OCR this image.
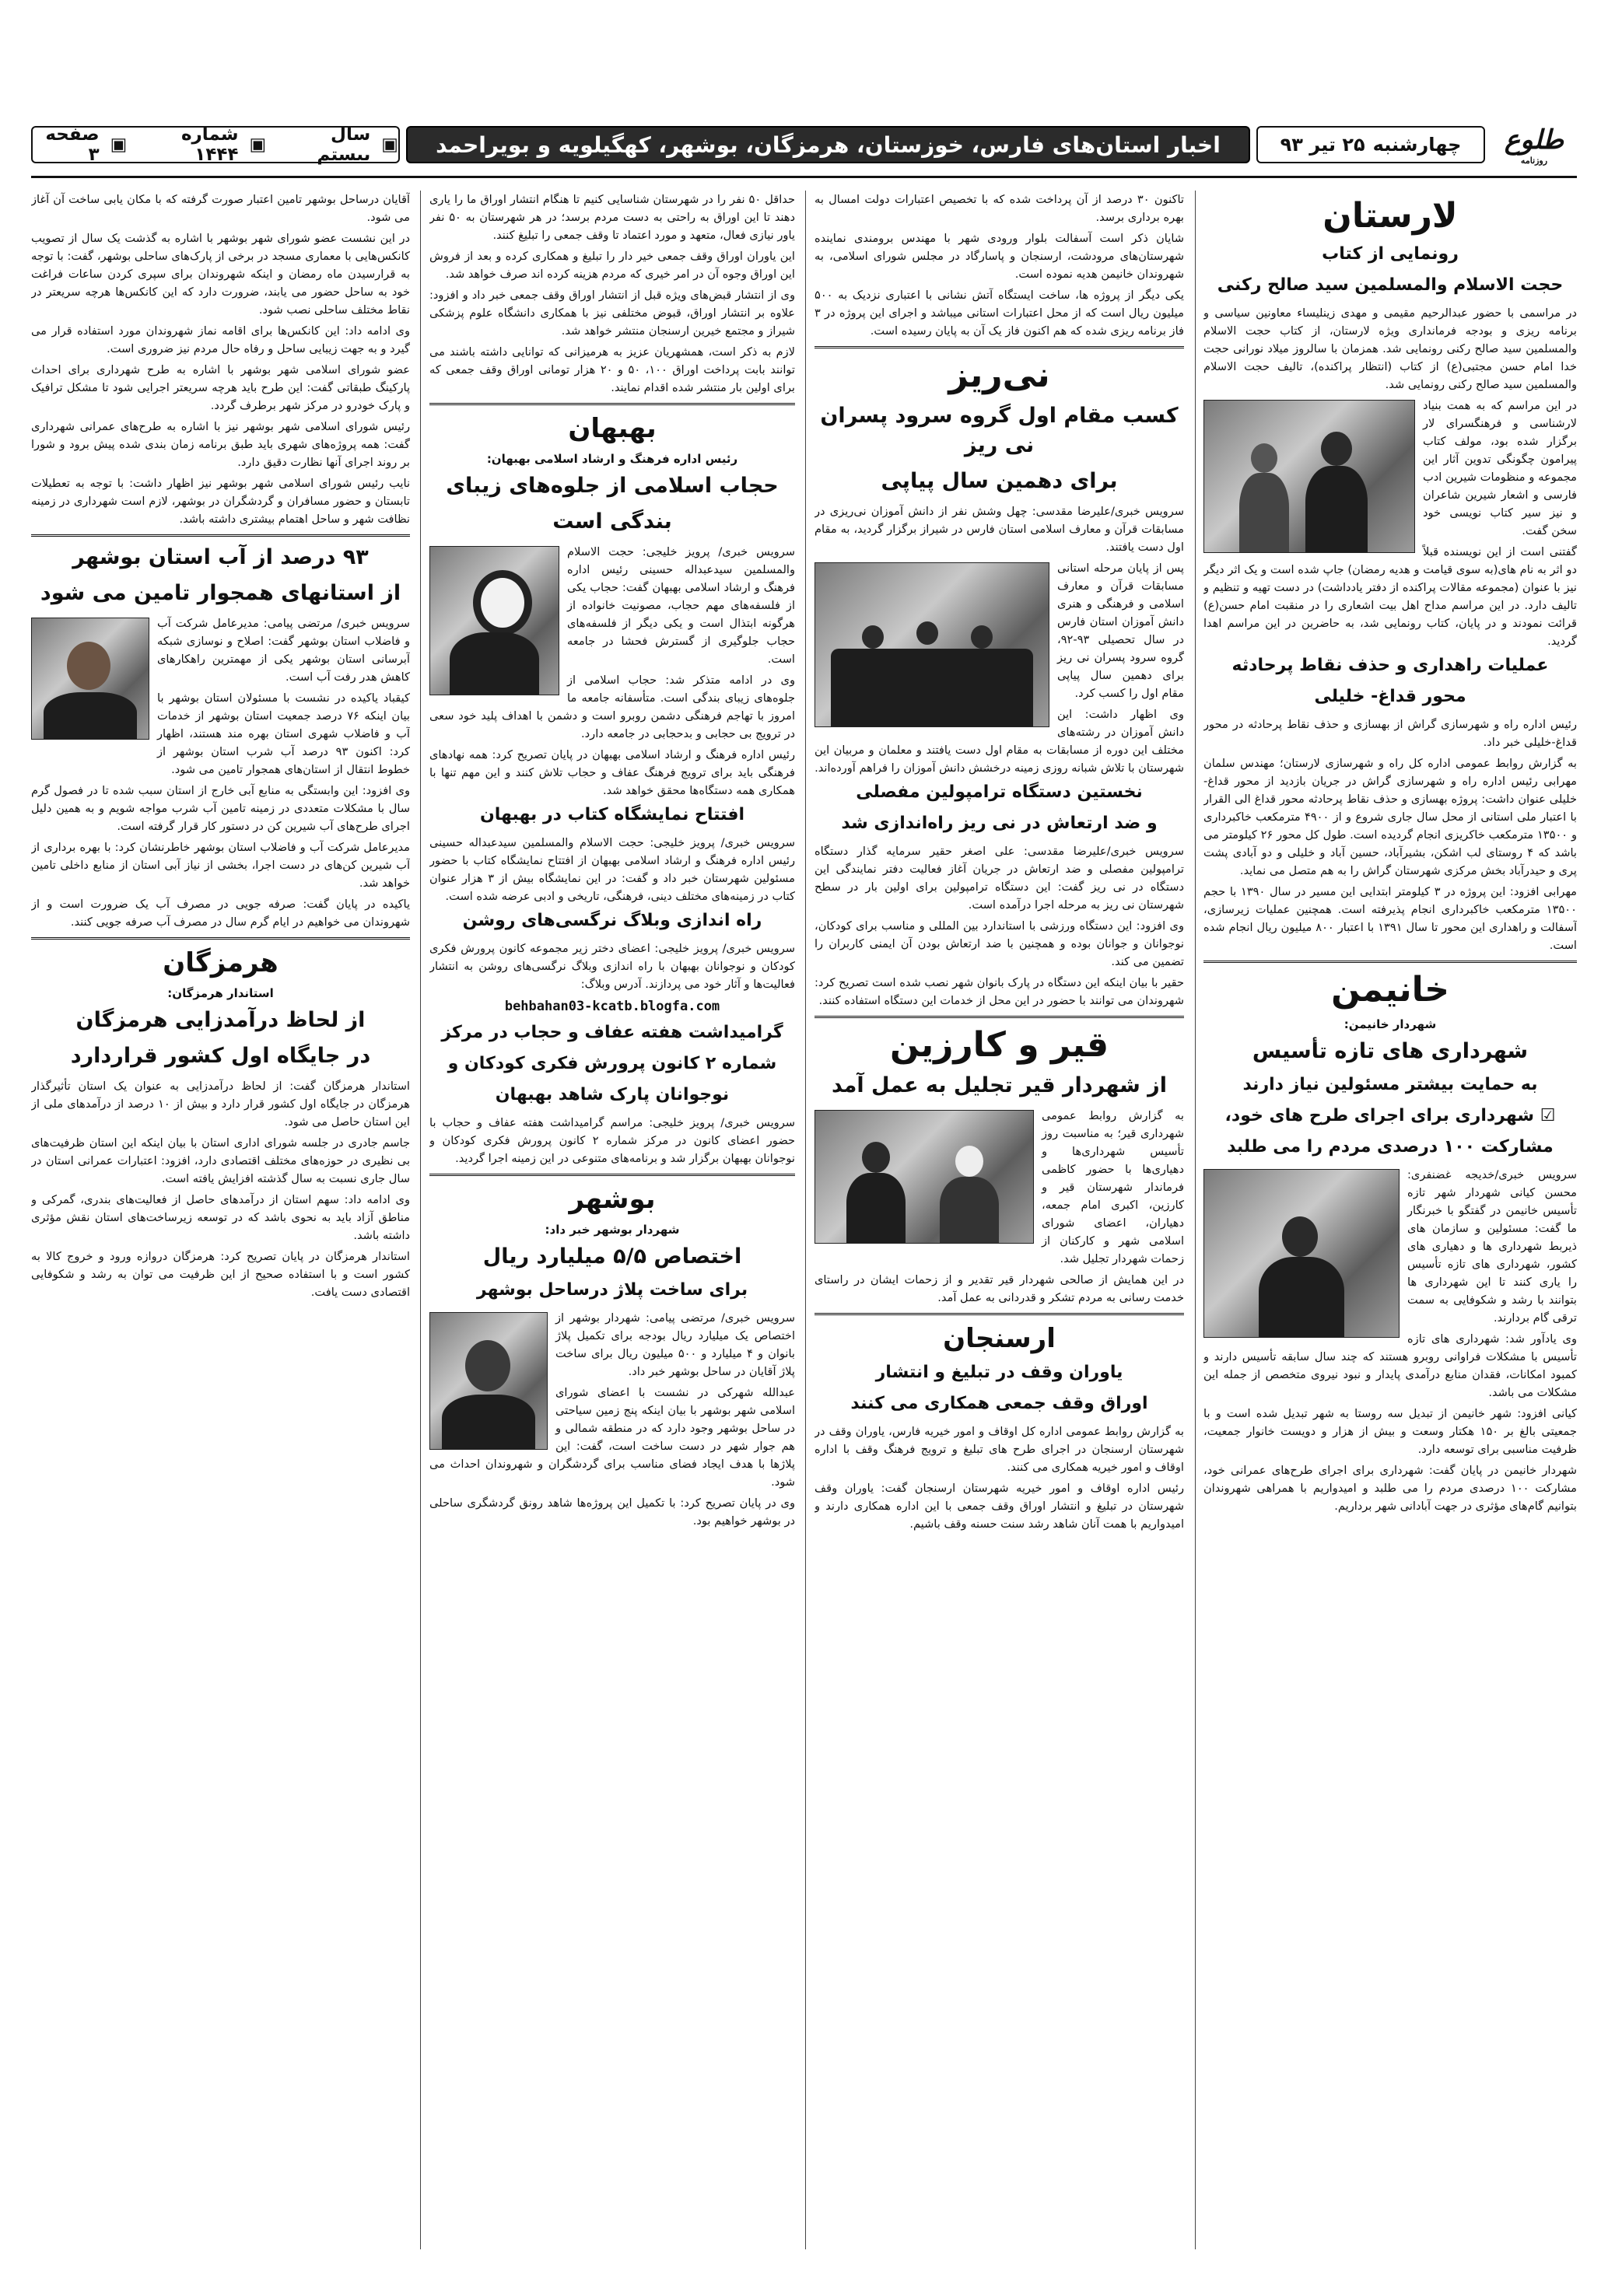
طلوع
روزنامه
چهارشنبه
۲۵ تیر ۹۳
اخبار استان‌های فارس، خوزستان، هرمزگان، بوشهر، کهگیلویه و بویراحمد
▣
سال بیستم
▣
شماره ۱۴۴۴
▣
صفحه ۳
لارستان
رونمایی از کتاب
حجت الاسلام والمسلمین سید صالح رکنی

در مراسمی با حضور عبدالرحیم مقیمی و مهدی زینلیساء معاونین سیاسی و برنامه ریزی و بودجه فرمانداری ویژه لارستان، از کتاب حجت الاسلام والمسلمین سید صالح رکنی رونمایی شد. همزمان با سالروز میلاد نورانی حجت خدا امام حسن مجتبی(ع) از کتاب (انتظار پراکنده)، تالیف حجت الاسلام والمسلمین سید صالح رکنی رونمایی شد.

در این مراسم که به همت بنیاد لارشناسی و فرهنگسرای لار برگزار شده بود، مولف کتاب پیرامون چگونگی تدوین آثار این مجموعه و منظومات شیرین ادب فارسی و اشعار شیرین شاعران و نیز سیر کتاب نویسی خود سخن گفت.

گفتنی است از این نویسنده قبلاً دو اثر به نام های(به سوی قیامت و هدیه رمضان) جاپ شده است و یک اثر دیگر نیز با عنوان (مجموعه مقالات پراکنده از دفتر یادداشت) در دست تهیه و تنظیم و تالیف دارد. در این مراسم مداح اهل بیت اشعاری را در منقبت امام حسن(ع) قرائت نمودند و در پایان، کتاب رونمایی شد، به حاضرین در این مراسم اهدا گردید.

عملیات راهداری و حذف نقاط پرحادثه
محور قداغ- خلیلی

رئیس اداره راه و شهرسازی گراش از بهسازی و حذف نقاط پرحادثه در محور قداغ-خلیلی خبر داد.

به گزارش روابط عمومی اداره کل راه و شهرسازی لارستان؛ مهندس سلمان مهرابی رئیس اداره راه و شهرسازی گراش در جریان بازدید از محور قداغ-خلیلی عنوان داشت: پروژه بهسازی و حذف نقاط پرحادثه محور قداغ الی القرار با اعتبار ملی استانی از محل سال جاری شروع و از ۴۹۰۰ مترمکعب خاکبرداری و ۱۳۵۰۰ مترمکعب خاکریزی انجام گردیده است. طول کل محور ۲۶ کیلومتر می باشد که ۴ روستای لب اشکن، بشیرآباد، حسین آباد و خلیلی و دو آبادی پشت پری و حیدرآباد بخش مرکزی شهرستان گراش را به هم متصل می نماید.

مهرابی افزود: این پروژه در ۳ کیلومتر ابتدایی این مسیر در سال ۱۳۹۰ با حجم ۱۳۵۰۰ مترمکعب خاکبرداری انجام پذیرفته است. همچنین عملیات زیرسازی، آسفالت و راهداری این محور تا سال ۱۳۹۱ با اعتبار ۸۰۰ میلیون ریال انجام شده است.

خانیمن
شهردار خانیمن:
شهرداری های تازه تأسیس
به حمایت بیشتر مسئولین نیاز دارند
☑ شهرداری برای اجرای طرح های خود،
مشارکت ۱۰۰ درصدی مردم را می طلبد

سرویس خبری/خدیجه غضنفری: محسن کیانی شهردار شهر تازه تأسیس خانیمن در گفتگو با خبرنگار ما گفت: مسئولین و سازمان های ذیربط شهرداری ها و دهیاری های کشور، شهرداری های تازه تأسیس را یاری کنند تا این شهرداری ها بتوانند با رشد و شکوفایی به سمت ترقی گام بردارند.

وی یادآور شد: شهرداری های تازه تأسیس با مشکلات فراوانی روبرو هستند که چند سال سابقه تأسیس دارند و کمبود امکانات، فقدان منابع درآمدی پایدار و نبود نیروی متخصص از جمله این مشکلات می باشد.

کیانی افزود: شهر خانیمن از تبدیل سه روستا به شهر تبدیل شده است و با جمعیتی بالغ بر ۱۵۰ هکتار وسعت و بیش از هزار و دویست خانوار جمعیت، ظرفیت مناسبی برای توسعه دارد.

شهردار خانیمن در پایان گفت: شهرداری برای اجرای طرح‌های عمرانی خود، مشارکت ۱۰۰ درصدی مردم را می طلبد و امیدواریم با همراهی شهروندان بتوانیم گام‌های مؤثری در جهت آبادانی شهر برداریم.

تاکنون ۳۰ درصد از آن پرداخت شده که با تخصیص اعتبارات دولت امسال به بهره برداری برسد.

شایان ذکر است آسفالت بلوار ورودی شهر با مهندس برومندی نماینده شهرستان‌های مرودشت، ارسنجان و پاسارگاد در مجلس شورای اسلامی، به شهروندان خانیمن هدیه نموده است.

یکی دیگر از پروژه ها، ساخت ایستگاه آتش نشانی با اعتباری نزدیک به ۵۰۰ میلیون ریال است که از محل اعتبارات استانی میباشد و اجرای این پروژه در ۳ فاز برنامه ریزی شده که هم اکنون فاز یک آن به پایان رسیده است.

نی‌ریز
کسب مقام اول گروه سرود پسران نی ریز
برای دهمین سال پیاپی

سرویس خبری/علیرضا مقدسی: چهل وشش نفر از دانش آموزان نی‌ریزی در مسابقات قرآن و معارف اسلامی استان فارس در شیراز برگزار گردید، به مقام اول دست یافتند.

پس از پایان مرحله استانی مسابقات قرآن و معارف اسلامی و فرهنگی و هنری دانش آموزان استان فارس در سال تحصیلی ۹۳-۹۲، گروه سرود پسران نی ریز برای دهمین سال پیاپی مقام اول را کسب کرد.

وی اظهار داشت: این دانش آموزان در رشته‌های مختلف این دوره از مسابقات به مقام اول دست یافتند و معلمان و مربیان این شهرستان با تلاش شبانه روزی زمینه درخشش دانش آموزان را فراهم آورده‌اند.

نخستین دستگاه ترامپولین مفصلی
و ضد ارتعاش در نی ریز راه‌اندازی شد

سرویس خبری/علیرضا مقدسی: علی اصغر حقیر سرمایه گذار دستگاه ترامپولین مفصلی و ضد ارتعاش در جریان آغاز فعالیت دفتر نمایندگی این دستگاه در نی ریز گفت: این دستگاه ترامپولین برای اولین بار در سطح شهرستان نی ریز به مرحله اجرا درآمده است.

وی افزود: این دستگاه ورزشی با استاندارد بین المللی و مناسب برای کودکان، نوجوانان و جوانان بوده و همچنین با ضد ارتعاش بودن آن ایمنی کاربران را تضمین می کند.

حقیر با بیان اینکه این دستگاه در پارک بانوان شهر نصب شده است تصریح کرد: شهروندان می توانند با حضور در این محل از خدمات این دستگاه استفاده کنند.

قیر و کارزین
از شهردار قیر تجلیل به عمل آمد

به گزارش روابط عمومی شهرداری قیر؛ به مناسبت روز تأسیس شهرداری‌ها و دهیاری‌ها با حضور کاظمی فرماندار شهرستان قیر و کارزین، اکبری امام جمعه، دهیاران، اعضای شورای اسلامی شهر و کارکنان از زحمات شهردار تجلیل شد.

در این همایش از صالحی شهردار قیر تقدیر و از زحمات ایشان در راستای خدمت رسانی به مردم تشکر و قدردانی به عمل آمد.

ارسنجان
یاوران وقف در تبلیغ و انتشار
اوراق وقف جمعی همکاری می کنند

به گزارش روابط عمومی اداره کل اوقاف و امور خیریه فارس، یاوران وقف در شهرستان ارسنجان در اجرای طرح های تبلیغ و ترویج فرهنگ وقف با اداره اوقاف و امور خیریه همکاری می کنند.

رئیس اداره اوقاف و امور خیریه شهرستان ارسنجان گفت: یاوران وقف شهرستان در تبلیغ و انتشار اوراق وقف جمعی با این اداره همکاری دارند و امیدواریم با همت آنان شاهد رشد سنت حسنه وقف باشیم.

حداقل ۵۰ نفر را در شهرستان شناسایی کنیم تا هنگام انتشار اوراق ما را یاری دهند تا این اوراق به راحتی به دست مردم برسد؛ در هر شهرستان به ۵۰ نفر یاور نیازی فعال، متعهد و مورد اعتماد تا وقف جمعی را تبلیغ کنند.

این یاوران اوراق وقف جمعی خیر دار را تبلیغ و همکاری کرده و بعد از فروش این اوراق وجوه آن در امر خیری که مردم هزینه کرده اند صرف خواهد شد.

وی از انتشار قبض‌های ویژه قبل از انتشار اوراق وقف جمعی خبر داد و افزود: علاوه بر انتشار اوراق، قبوض مختلفی نیز با همکاری دانشگاه علوم پزشکی شیراز و مجتمع خیرین ارسنجان منتشر خواهد شد.

لازم به ذکر است، همشهریان عزیز به هرمیزانی که توانایی داشته باشند می توانند بابت پرداخت اوراق ۱۰۰، ۵۰ و ۲۰ هزار تومانی اوراق وقف جمعی که برای اولین بار منتشر شده اقدام نمایند.

بهبهان
رئیس اداره فرهنگ و ارشاد اسلامی بهبهان:
حجاب اسلامی از جلوه‌های زیبای
بندگی است

سرویس خبری/ پرویز خلیجی: حجت الاسلام والمسلمین سیدعبداله حسینی رئیس اداره فرهنگ و ارشاد اسلامی بهبهان گفت: حجاب یکی از فلسفه‌های مهم حجاب، مصونیت خانواده از هرگونه ابتذال است و یکی دیگر از فلسفه‌های حجاب جلوگیری از گسترش فحشا در جامعه است.

وی در ادامه متذکر شد: حجاب اسلامی از جلوه‌های زیبای بندگی است. متأسفانه جامعه ما امروز با تهاجم فرهنگی دشمن روبرو است و دشمن با اهداف پلید خود سعی در ترویج بی حجابی و بدحجابی در جامعه دارد.

رئیس اداره فرهنگ و ارشاد اسلامی بهبهان در پایان تصریح کرد: همه نهادهای فرهنگی باید برای ترویج فرهنگ عفاف و حجاب تلاش کنند و این مهم تنها با همکاری همه دستگاه‌ها محقق خواهد شد.

افتتاح نمایشگاه کتاب در بهبهان

سرویس خبری/ پرویز خلیجی: حجت الاسلام والمسلمین سیدعبداله حسینی رئیس اداره فرهنگ و ارشاد اسلامی بهبهان از افتتاح نمایشگاه کتاب با حضور مسئولین شهرستان خبر داد و گفت: در این نمایشگاه بیش از ۳ هزار عنوان کتاب در زمینه‌های مختلف دینی، فرهنگی، تاریخی و ادبی عرضه شده است.

راه اندازی وبلاگ نرگسی‌های روشن

سرویس خبری/ پرویز خلیجی: اعضای دختر زیر مجموعه کانون پرورش فکری کودکان و نوجوانان بهبهان با راه اندازی وبلاگ نرگسی‌های روشن به انتشار فعالیت‌ها و آثار خود می پردازند. آدرس وبلاگ:

behbahan03-kcatb.blogfa.com
گرامیداشت هفته عفاف و حجاب در مرکز
شماره ۲ کانون پرورش فکری کودکان و
نوجوانان پارک شاهد بهبهان

سرویس خبری/ پرویز خلیجی: مراسم گرامیداشت هفته عفاف و حجاب با حضور اعضای کانون در مرکز شماره ۲ کانون پرورش فکری کودکان و نوجوانان بهبهان برگزار شد و برنامه‌های متنوعی در این زمینه اجرا گردید.

بوشهر
شهردار بوشهر خبر داد:
اختصاص ۵/۵ میلیارد ریال
برای ساخت پلاژ درساحل بوشهر

سرویس خبری/ مرتضی پیامی: شهردار بوشهر از اختصاص یک میلیارد ریال بودجه برای تکمیل پلاژ بانوان و ۴ میلیارد و ۵۰۰ میلیون ریال برای ساخت پلاژ آقایان در ساحل بوشهر خبر داد.

عبدالله شهرکی در نشست با اعضای شورای اسلامی شهر بوشهر با بیان اینکه پنج زمین سیاحتی در ساحل بوشهر وجود دارد که در منطقه شمالی و هم جوار شهر در دست ساخت است، گفت: این پلاژها با هدف ایجاد فضای مناسب برای گردشگران و شهروندان احداث می شود.

وی در پایان تصریح کرد: با تکمیل این پروژه‌ها شاهد رونق گردشگری ساحلی در بوشهر خواهیم بود.

آقایان درساحل بوشهر تامین اعتبار صورت گرفته که با مکان یابی ساخت آن آغاز می شود.

در این نشست عضو شورای شهر بوشهر با اشاره به گذشت یک سال از تصویب کانکس‌هایی با معماری مسجد در برخی از پارک‌های ساحلی بوشهر، گفت: با توجه به قرارسیدن ماه رمضان و اینکه شهروندان برای سپری کردن ساعات فراغت خود به ساحل حضور می یابند، ضرورت دارد که این کانکس‌ها هرچه سریعتر در نقاط مختلف ساحلی نصب شود.

وی ادامه داد: این کانکس‌ها برای اقامه نماز شهروندان مورد استفاده قرار می گیرد و به جهت زیبایی ساحل و رفاه حال مردم نیز ضروری است.

عضو شورای اسلامی شهر بوشهر با اشاره به طرح شهرداری برای احداث پارکینگ طبقاتی گفت: این طرح باید هرچه سریعتر اجرایی شود تا مشکل ترافیک و پارک خودرو در مرکز شهر برطرف گردد.

رئیس شورای اسلامی شهر بوشهر نیز با اشاره به طرح‌های عمرانی شهرداری گفت: همه پروژه‌های شهری باید طبق برنامه زمان بندی شده پیش برود و شورا بر روند اجرای آنها نظارت دقیق دارد.

نایب رئیس شورای اسلامی شهر بوشهر نیز اظهار داشت: با توجه به تعطیلات تابستان و حضور مسافران و گردشگران در بوشهر، لازم است شهرداری در زمینه نظافت شهر و ساحل اهتمام بیشتری داشته باشد.

۹۳ درصد از آب استان بوشهر
از استانهای همجوار تامین می شود

سرویس خبری/ مرتضی پیامی: مدیرعامل شرکت آب و فاضلاب استان بوشهر گفت: اصلاح و نوسازی شبکه آبرسانی استان بوشهر یکی از مهمترین راهکارهای کاهش هدر رفت آب است.

کیقباد یاکیده در نشست با مسئولان استان بوشهر با بیان اینکه ۷۶ درصد جمعیت استان بوشهر از خدمات آب و فاضلاب شهری استان بهره مند هستند، اظهار کرد: اکنون ۹۳ درصد آب شرب استان بوشهر از خطوط انتقال از استان‌های همجوار تامین می شود.

وی افزود: این وابستگی به منابع آبی خارج از استان سبب شده تا در فصول گرم سال با مشکلات متعددی در زمینه تامین آب شرب مواجه شویم و به همین دلیل اجرای طرح‌های آب شیرین کن در دستور کار قرار گرفته است.

مدیرعامل شرکت آب و فاضلاب استان بوشهر خاطرنشان کرد: با بهره برداری از آب شیرین کن‌های در دست اجرا، بخشی از نیاز آبی استان از منابع داخلی تامین خواهد شد.

یاکیده در پایان گفت: صرفه جویی در مصرف آب یک ضرورت است و از شهروندان می خواهیم در ایام گرم سال در مصرف آب صرفه جویی کنند.

هرمزگان
استاندار هرمزگان:
از لحاظ درآمدزایی هرمزگان
در جایگاه اول کشور قراردارد

استاندار هرمزگان گفت: از لحاظ درآمدزایی به عنوان یک استان تأثیرگذار هرمزگان در جایگاه اول کشور قرار دارد و بیش از ۱۰ درصد از درآمدهای ملی از این استان حاصل می شود.

جاسم جادری در جلسه شورای اداری استان با بیان اینکه این استان ظرفیت‌های بی نظیری در حوزه‌های مختلف اقتصادی دارد، افزود: اعتبارات عمرانی استان در سال جاری نسبت به سال گذشته افزایش یافته است.

وی ادامه داد: سهم استان از درآمدهای حاصل از فعالیت‌های بندری، گمرکی و مناطق آزاد باید به نحوی باشد که در توسعه زیرساخت‌های استان نقش مؤثری داشته باشد.

استاندار هرمزگان در پایان تصریح کرد: هرمزگان دروازه ورود و خروج کالا به کشور است و با استفاده صحیح از این ظرفیت می توان به رشد و شکوفایی اقتصادی دست یافت.
